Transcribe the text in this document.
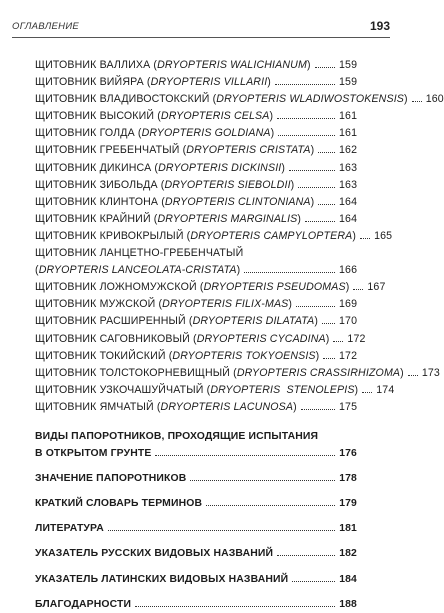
ОГЛАВЛЕНИЕ	193
ЩИТОВНИК ВАЛЛИХА ( DRYOPTERIS WALICHIANUM )	159
ЩИТОВНИК ВИЙЯРА ( DRYOPTERIS VILLARII )	159
ЩИТОВНИК ВЛАДИВОСТОКСКИЙ ( DRYOPTERIS WLADIWOSTOKENSIS ) 160
ЩИТОВНИК ВЫСОКИЙ ( DRYOPTERIS CELSA )	161
ЩИТОВНИК ГОЛДА ( DRYOPTERIS GOLDIANA )	161
ЩИТОВНИК ГРЕБЕНЧАТЫЙ ( DRYOPTERIS CRISTATA ) 162
ЩИТОВНИК ДИКИНСА ( DRYOPTERIS DICKINSII )	163
ЩИТОВНИК ЗИБОЛЬДА ( DRYOPTERIS SIEBOLDII )	163
ЩИТОВНИК КЛИНТОНА ( DRYOPTERIS CLINTONIANA ) 164
ЩИТОВНИК КРАЙНИЙ ( DRYOPTERIS MARGINALIS )	164
ЩИТОВНИК КРИВОКРЫЛЫЙ ( DRYOPTERIS CAMPYLOPTERA ) 165
ЩИТОВНИК ЛАНЦЕТНО-ГРЕБЕНЧАТЫЙ
( DRYOPTERIS LANCEOLATA-CRISTATA )	166
ЩИТОВНИК ЛОЖНОМУЖСКОЙ ( DRYOPTERIS PSEUDOMAS ) 167
ЩИТОВНИК МУЖСКОЙ ( DRYOPTERIS FILIX-MAS )	169
ЩИТОВНИК РАСШИРЕННЫЙ ( DRYOPTERIS DILATATA ) 170
ЩИТОВНИК САГОВНИКОВЫЙ ( DRYOPTERIS CYCADINA ) 172
ЩИТОВНИК ТОКИЙСКИЙ ( DRYOPTERIS TOKYOENSIS ) 172
ЩИТОВНИК ТОЛСТОКОРНЕВИЩНЫЙ ( DRYOPTERIS CRASSIRHIZOMA ) 173
ЩИТОВНИК УЗКОЧАШУЙЧАТЫЙ ( DRYOPTERIS  STENOLEPIS ) 174
ЩИТОВНИК ЯМЧАТЫЙ ( DRYOPTERIS LACUNOSA )	175
ВИДЫ ПАПОРОТНИКОВ, ПРОХОДЯЩИЕ ИСПЫТАНИЯ
В ОТКРЫТОМ ГРУНТЕ	176
ЗНАЧЕНИЕ ПАПОРОТНИКОВ	178
КРАТКИЙ СЛОВАРЬ ТЕРМИНОВ	179
ЛИТЕРАТУРА	181
УКАЗАТЕЛЬ РУССКИХ ВИДОВЫХ НАЗВАНИЙ	182
УКАЗАТЕЛЬ ЛАТИНСКИХ ВИДОВЫХ НАЗВАНИЙ	184
БЛАГОДАРНОСТИ	188
